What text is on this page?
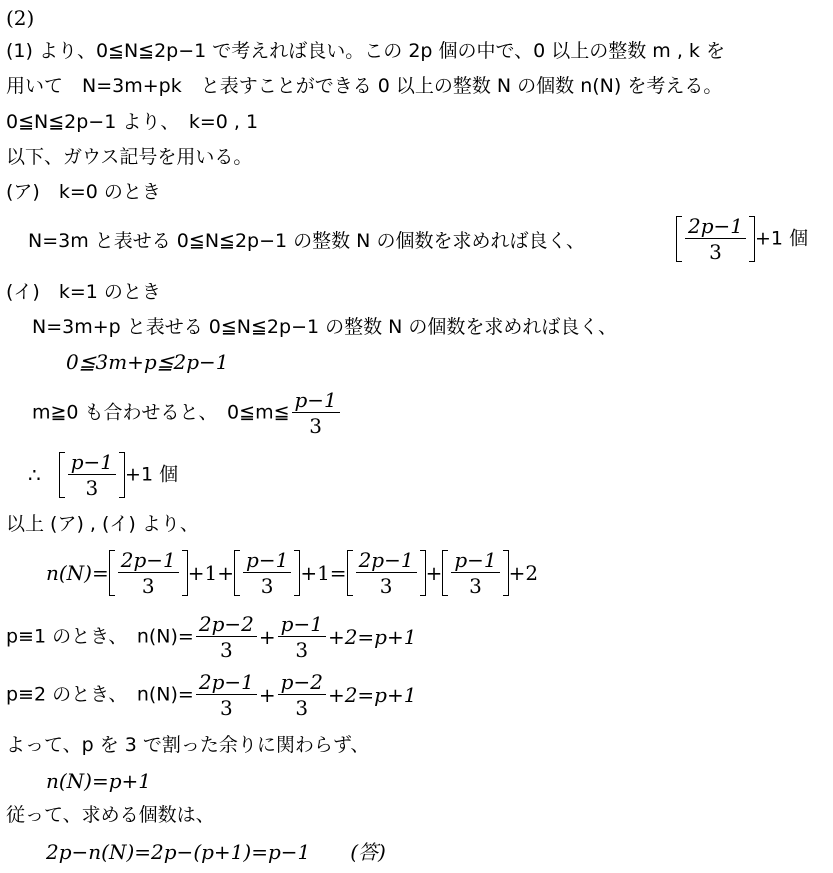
(2)
(1) より、0≦N≦2p−1 で考えれば良い。この 2p 個の中で、0 以上の整数 m , k を
用いて　N=3m+pk　と表すことができる 0 以上の整数 N の個数 n(N) を考える。
0≦N≦2p−1 より、　k=0 , 1
以下、ガウス記号を用いる。
(ア)　k=0 のとき
N=3m と表せる 0≦N≦2p−1 の整数 N の個数を求めれば良く、	$\frac{2p-1}{3} +1$ 個
(イ)　k=1 のとき
N=3m+p と表せる 0≦N≦2p−1 の整数 N の個数を求めれば良く、
0≦3m+p≦2p−1
m≧0 も合わせると、　0≦m≦ $\frac{p-1}{3}$
∴ $\frac{p-1}{3} +1$ 個
以上 (ア) , (イ) より、
$n(N)= \frac{2p-1}{3} +1+ \frac{p-1}{3} +1= \frac{2p-1}{3} + \frac{p-1}{3} +2$
p≡1 のとき、　$n(N)= \frac{2p-2}{3} + \frac{p-1}{3} +2=p+1$
p≡2 のとき、　$n(N)= \frac{2p-1}{3} + \frac{p-2}{3} +2=p+1$
よって、p を 3 で割った余りに関わらず、
n(N)=p+1
従って、求める個数は、
2p−n(N)=2p−(p+1)=p−1　　(答)
